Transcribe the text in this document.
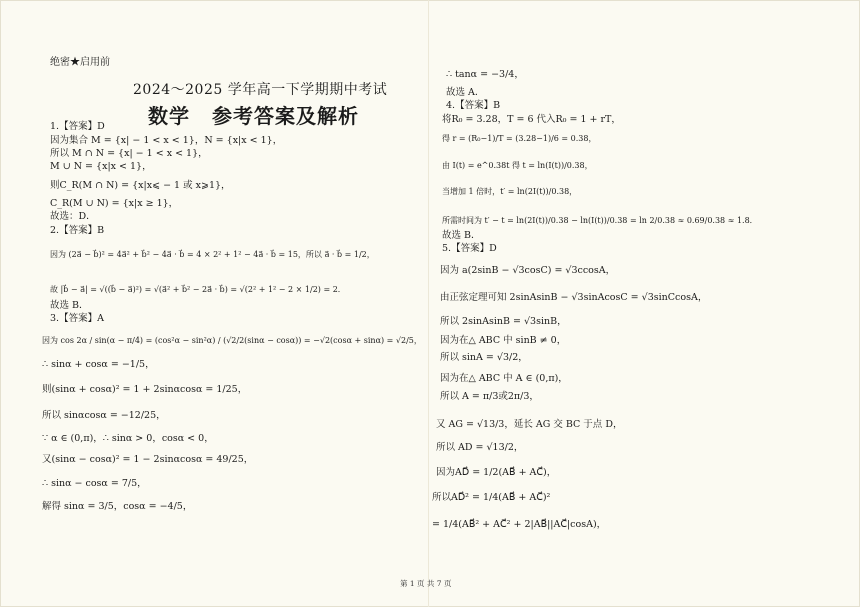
绝密★启用前
2024～2025 学年高一下学期期中考试
数学 参考答案及解析
1.【答案】D
因为集合 M = {x| − 1 < x < 1}，N = {x|x < 1}，
所以 M ∩ N = {x| − 1 < x < 1}，
M ∪ N = {x|x < 1}，
则C_R(M ∩ N) = {x|x⩽ − 1 或 x⩾1}，
C_R(M ∪ N) = {x|x ≥ 1}，
故选：D．
2.【答案】B
因为 (2a⃗ − b⃗)² = 4a⃗² + b⃗² − 4a⃗ · b⃗ = 4 × 2² + 1² − 4a⃗ · b⃗ = 15，所以 a⃗ · b⃗ = 1/2，
故 |b⃗ − a⃗| = √((b⃗ − a⃗)²) = √(a⃗² + b⃗² − 2a⃗ · b⃗) = √(2² + 1² − 2 × 1/2) = 2．
故选 B．
3.【答案】A
因为 cos 2α / sin(α − π/4) = (cos²α − sin²α) / (√2/2(sinα − cosα)) = −√2(cosα + sinα) = √2/5，
∴ sinα + cosα = −1/5，
则(sinα + cosα)² = 1 + 2sinαcosα = 1/25，
所以 sinαcosα = −12/25，
∵ α ∈ (0,π)，∴ sinα > 0，cosα < 0，
又(sinα − cosα)² = 1 − 2sinαcosα = 49/25，
∴ sinα − cosα = 7/5，
解得 sinα = 3/5，cosα = −4/5，
∴ tanα = −3/4，
故选 A．
4.【答案】B
将R₀ = 3.28，T = 6 代入R₀ = 1 + rT，
得 r = (R₀−1)/T = (3.28−1)/6 = 0.38，
由 I(t) = e^0.38t 得 t = ln(I(t))/0.38，
当增加 1 倍时，t′ = ln(2I(t))/0.38，
所需时间为 t′ − t = ln(2I(t))/0.38 − ln(I(t))/0.38 = ln 2/0.38 ≈ 0.69/0.38 ≈ 1.8．
故选 B．
5.【答案】D
因为 a(2sinB − √3cosC) = √3ccosA，
由正弦定理可知 2sinAsinB − √3sinAcosC = √3sinCcosA，
所以 2sinAsinB = √3sinB，
因为在△ ABC 中 sinB ≠ 0，
所以 sinA = √3/2，
因为在△ ABC 中 A ∈ (0,π)，
所以 A = π/3或2π/3，
又 AG = √13/3，延长 AG 交 BC 于点 D，
所以 AD = √13/2，
因为AD⃗ = 1/2(AB⃗ + AC⃗)，
所以AD⃗² = 1/4(AB⃗ + AC⃗)²
= 1/4(AB⃗² + AC⃗² + 2|AB⃗||AC⃗|cosA)，
第 1 页 共 7 页
